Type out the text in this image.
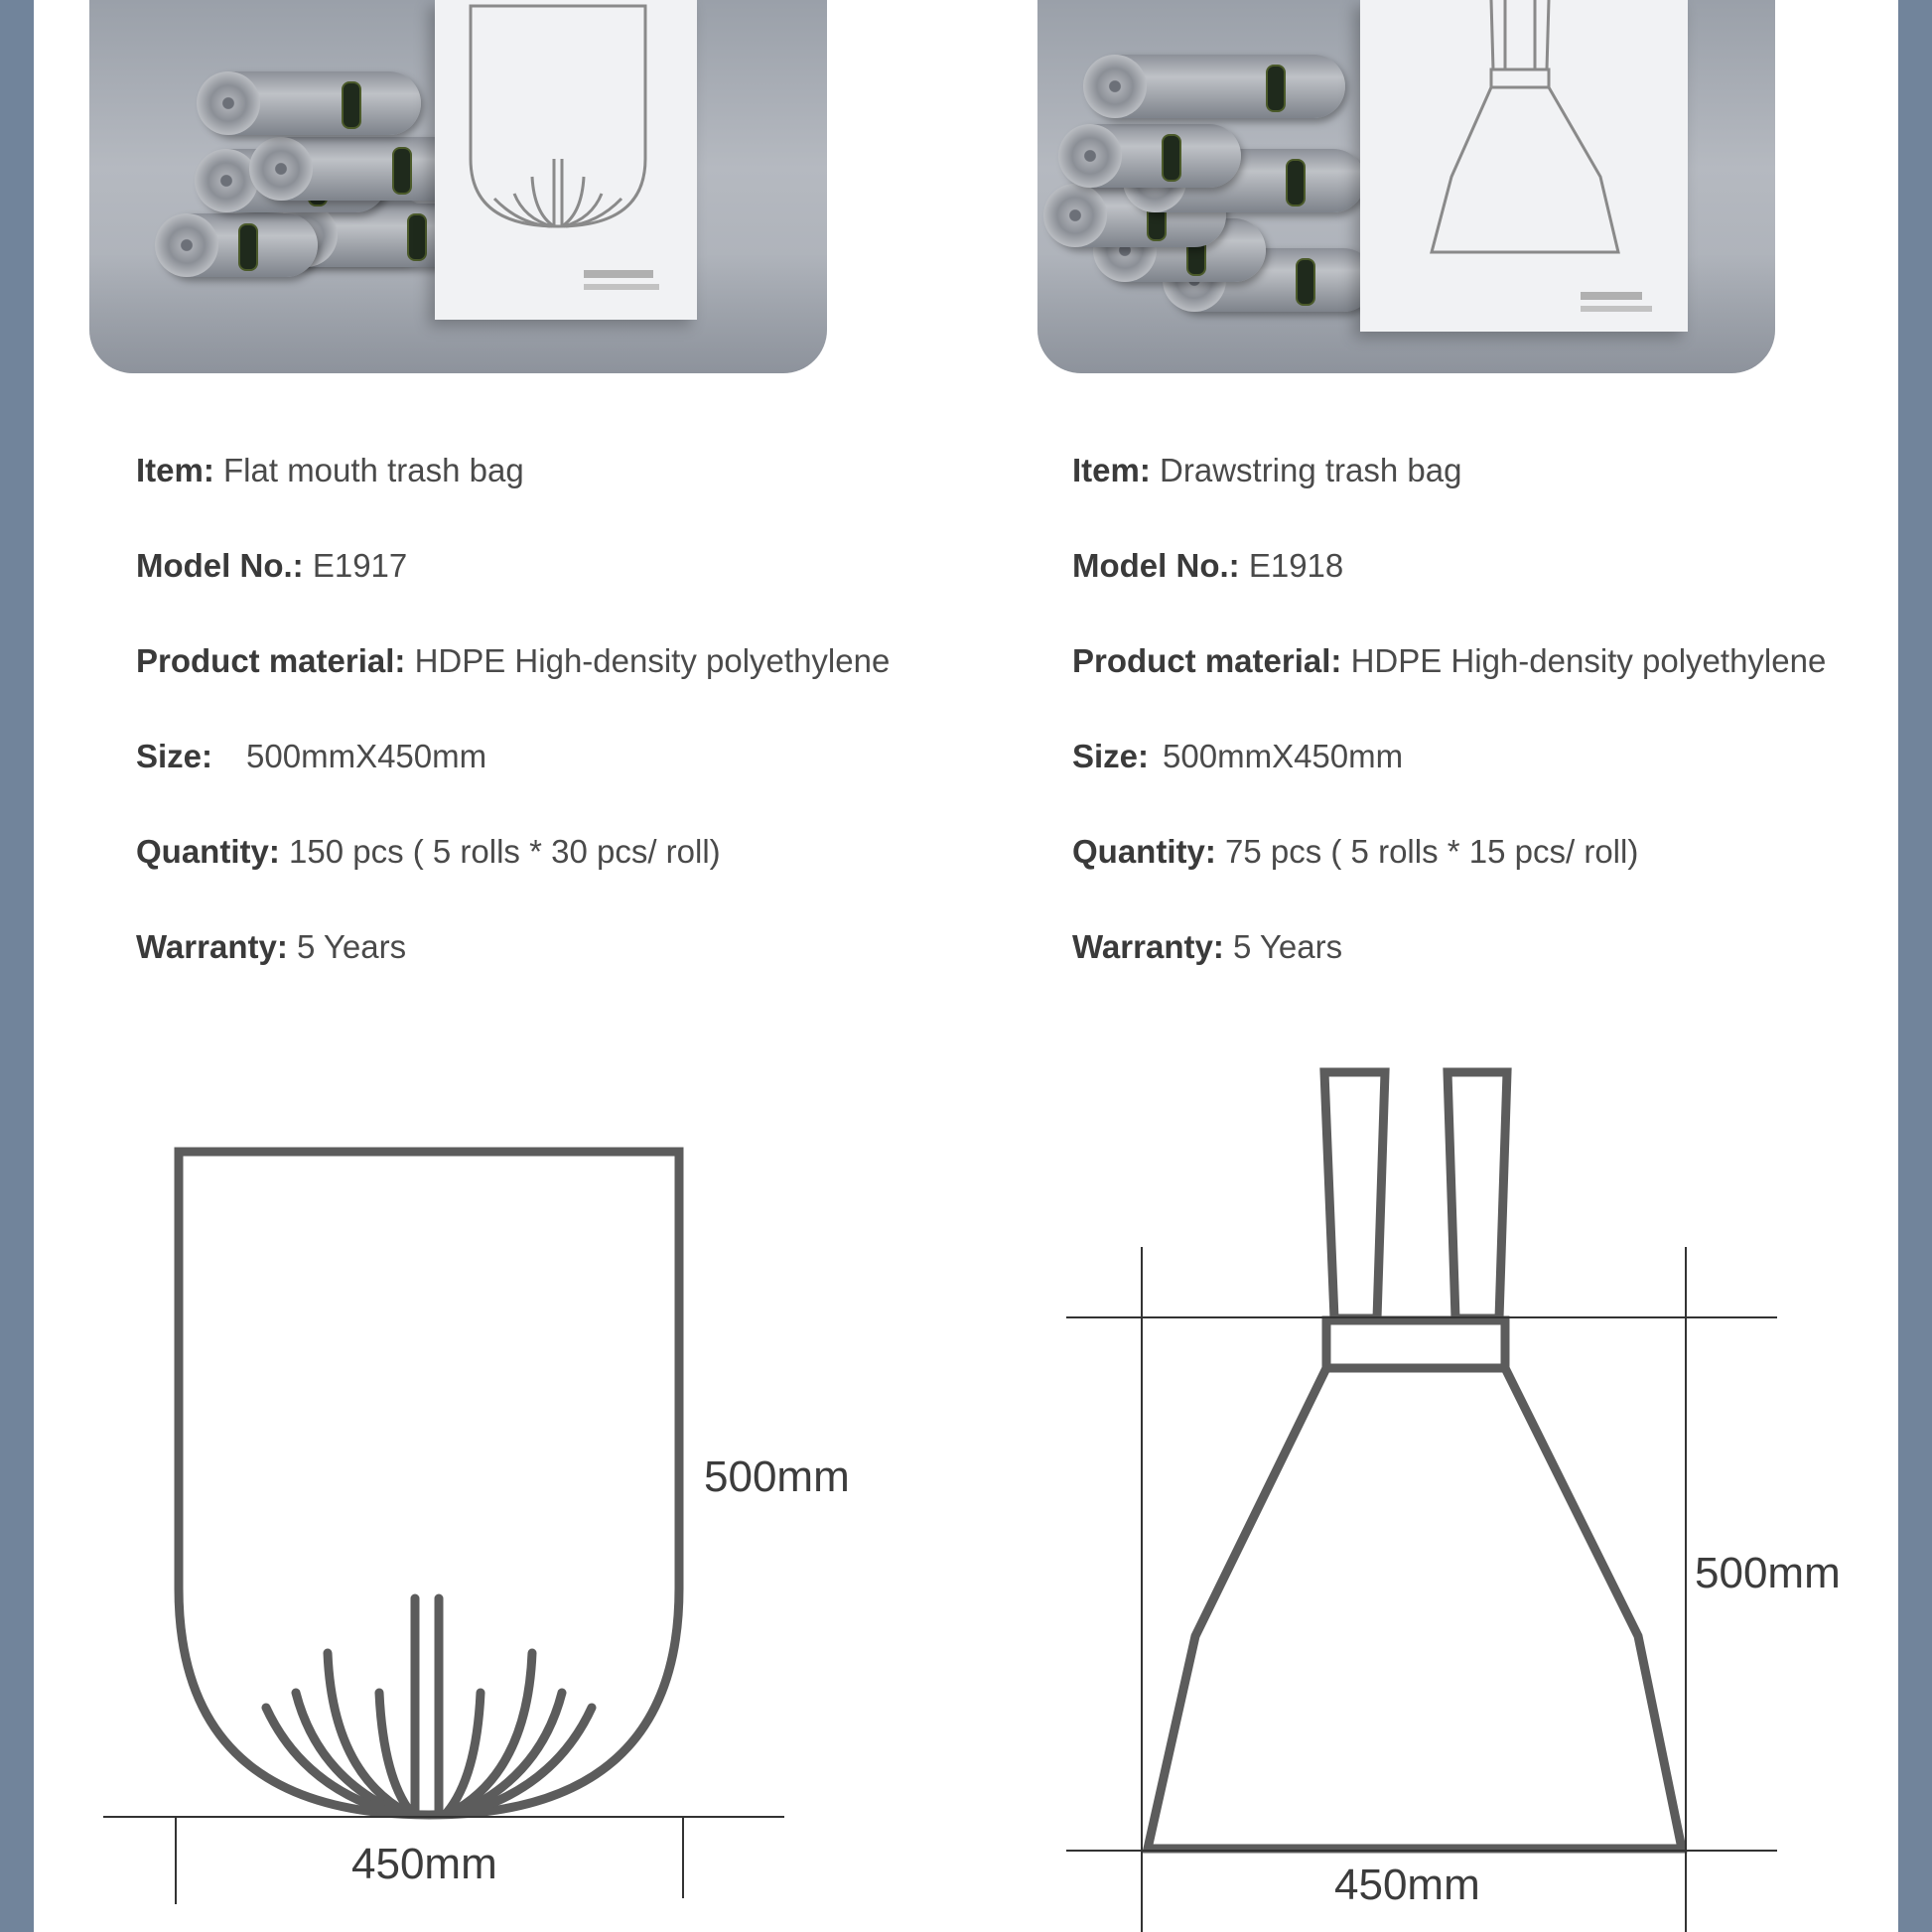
Item: Flat mouth trash bag

Model No.: E1917

Product material: HDPE High-density polyethylene

Size: 500mmX450mm

Quantity: 150 pcs ( 5 rolls * 30 pcs/ roll)

Warranty: 5 Years

Item: Drawstring trash bag

Model No.: E1918

Product material: HDPE High-density polyethylene

Size: 500mmX450mm

Quantity: 75 pcs ( 5 rolls * 15 pcs/ roll)

Warranty: 5 Years

500mm
450mm
500mm
450mm
